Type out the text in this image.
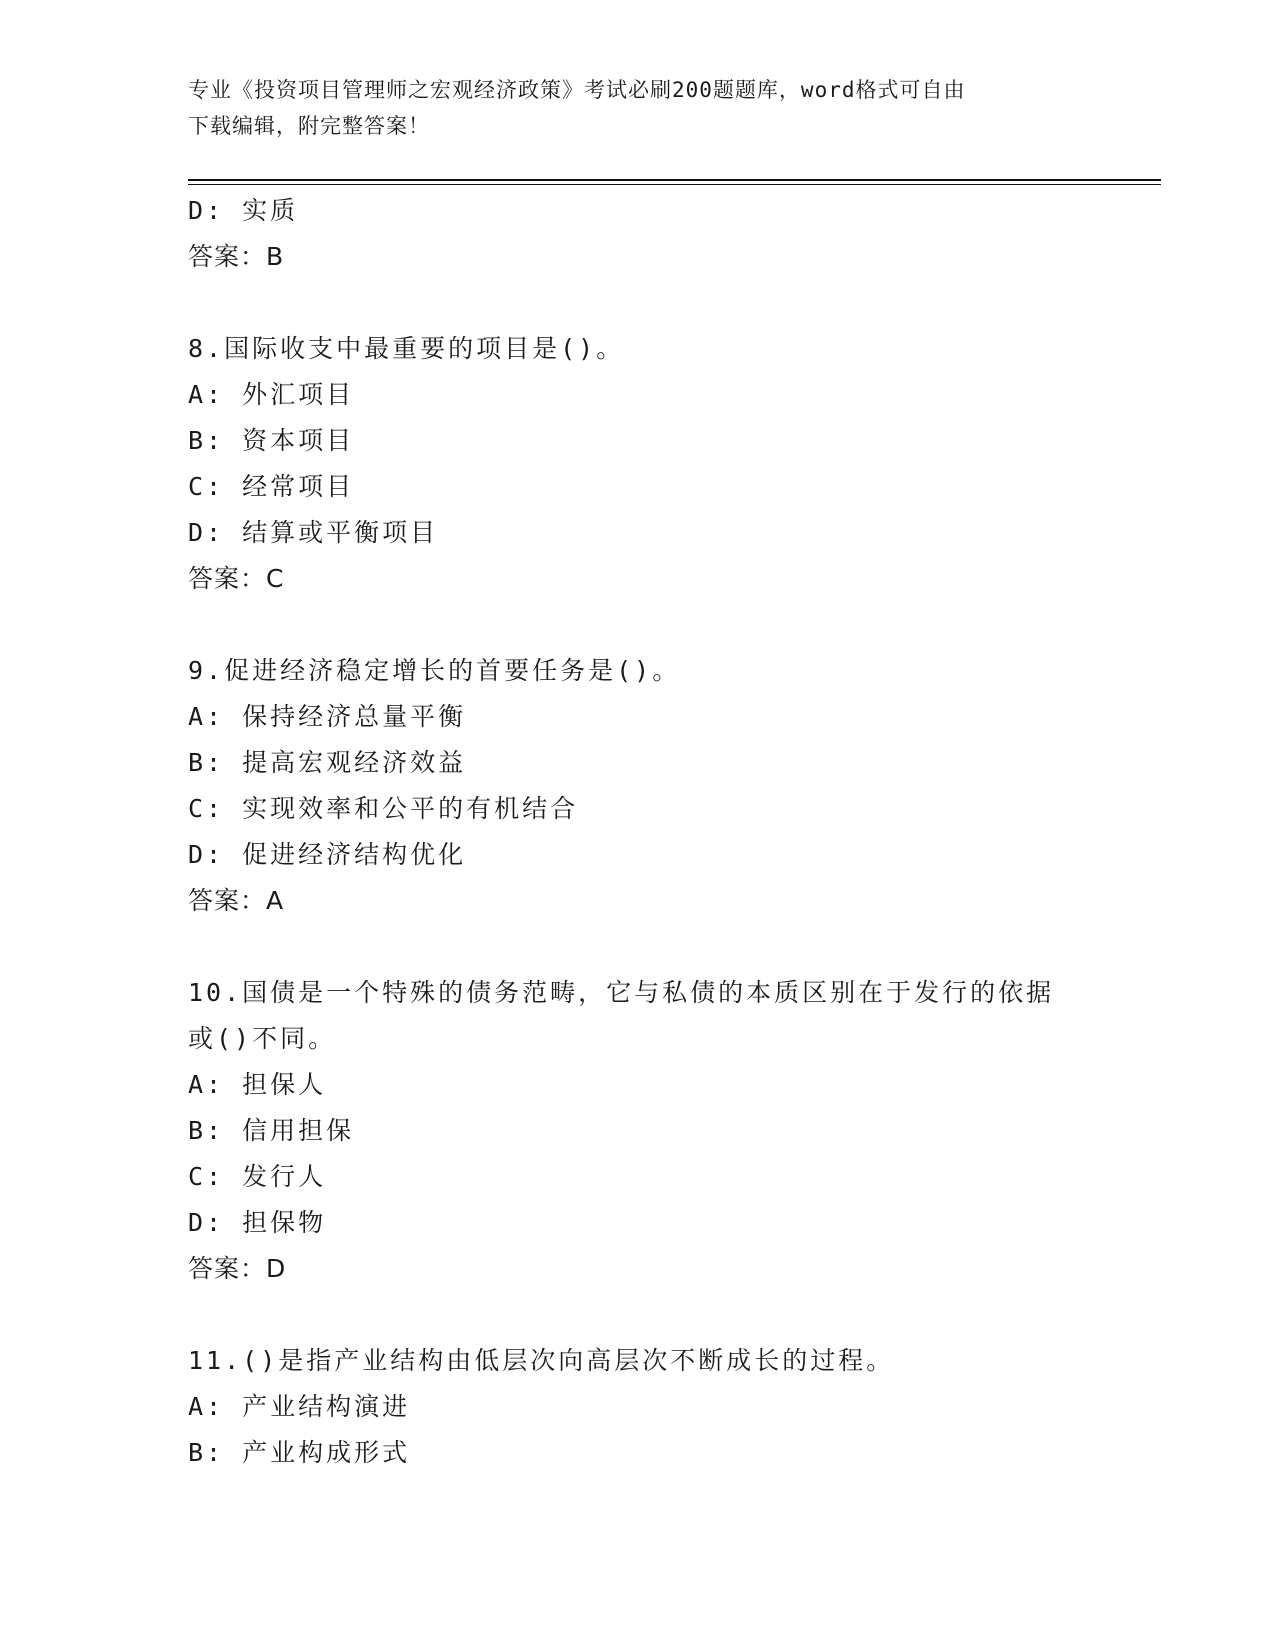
专业《投资项目管理师之宏观经济政策》考试必刷200题题库，word格式可自由
下载编辑，附完整答案！
D: 实质
答案：B
8.国际收支中最重要的项目是()。
A: 外汇项目
B: 资本项目
C: 经常项目
D: 结算或平衡项目
答案：C
9.促进经济稳定增长的首要任务是()。
A: 保持经济总量平衡
B: 提高宏观经济效益
C: 实现效率和公平的有机结合
D: 促进经济结构优化
答案：A
10.国债是一个特殊的债务范畴，它与私债的本质区别在于发行的依据
或()不同。
A: 担保人
B: 信用担保
C: 发行人
D: 担保物
答案：D
11.()是指产业结构由低层次向高层次不断成长的过程。
A: 产业结构演进
B: 产业构成形式
